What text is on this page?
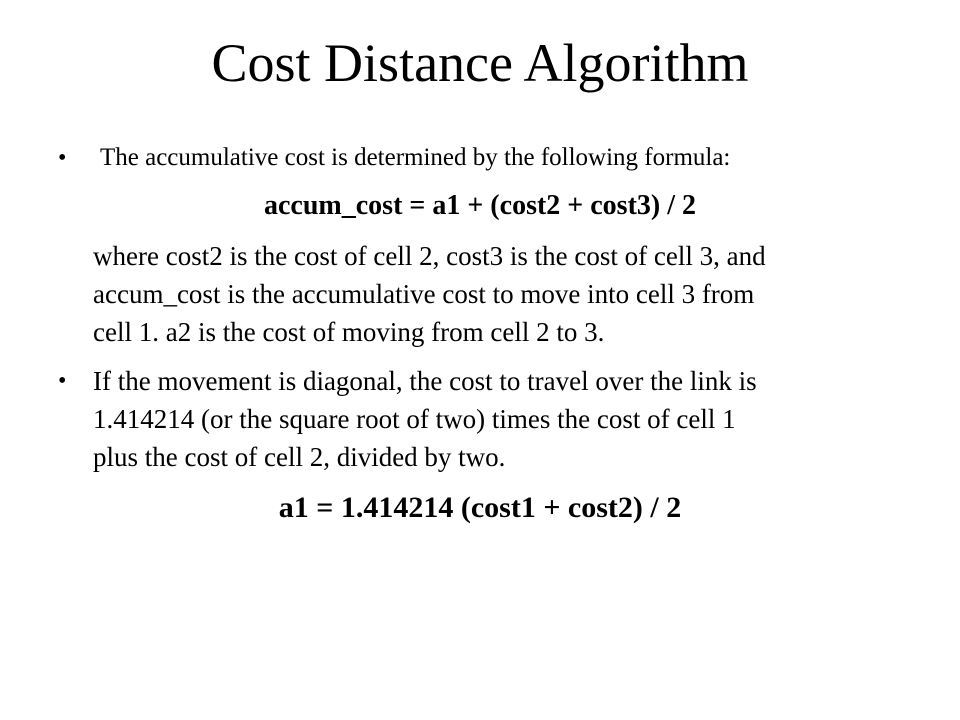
Cost Distance Algorithm
• The accumulative cost is determined by the following formula:
accum_cost = a1 + (cost2 + cost3) / 2
where cost2 is the cost of cell 2, cost3 is the cost of cell 3, and
accum_cost is the accumulative cost to move into cell 3 from
cell 1. a2 is the cost of moving from cell 2 to 3.
• If the movement is diagonal, the cost to travel over the link is
1.414214 (or the square root of two) times the cost of cell 1
plus the cost of cell 2, divided by two.
a1 = 1.414214 (cost1 + cost2) / 2
